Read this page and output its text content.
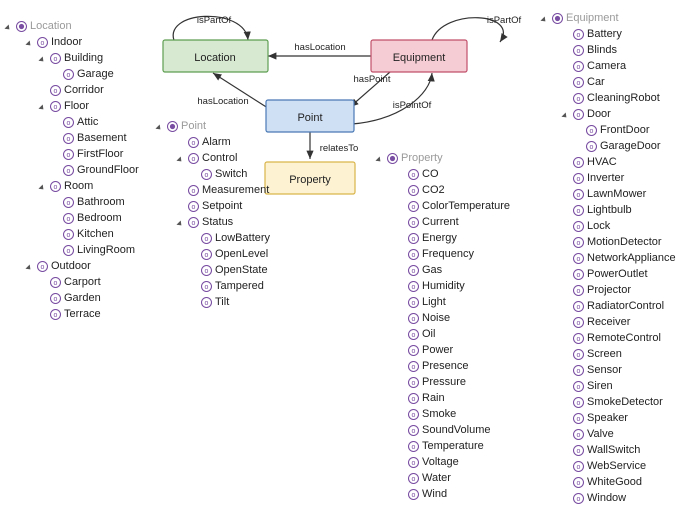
Location	Equipment
Point
Property
isPartOf	isPartOf
hasLocation
hasLocation
hasPoint
isPointOf
relatesTo
Location
o Indoor
o Building
o Garage
o Corridor
o Floor
o Attic
o Basement
o FirstFloor
o GroundFloor
o Room
o Bathroom
o Bedroom
o Kitchen
o LivingRoom
o Outdoor
o Carport
o Garden
o Terrace
Point
o Alarm
o Control
o Switch
o Measurement
o Setpoint
o Status
o LowBattery
o OpenLevel
o OpenState
o Tampered
o Tilt
Property
o CO
o CO2
o ColorTemperature
o Current
o Energy
o Frequency
o Gas
o Humidity
o Light
o Noise
o Oil
o Power
o Presence
o Pressure
o Rain
o Smoke
o SoundVolume
o Temperature
o Voltage
o Water
o Wind
Equipment
o Battery
o Blinds
o Camera
o Car
o CleaningRobot
o Door
o FrontDoor
o GarageDoor
o HVAC
o Inverter
o LawnMower
o Lightbulb
o Lock
o MotionDetector
o NetworkAppliance
o PowerOutlet
o Projector
o RadiatorControl
o Receiver
o RemoteControl
o Screen
o Sensor
o Siren
o SmokeDetector
o Speaker
o Valve
o WallSwitch
o WebService
o WhiteGood
o Window
